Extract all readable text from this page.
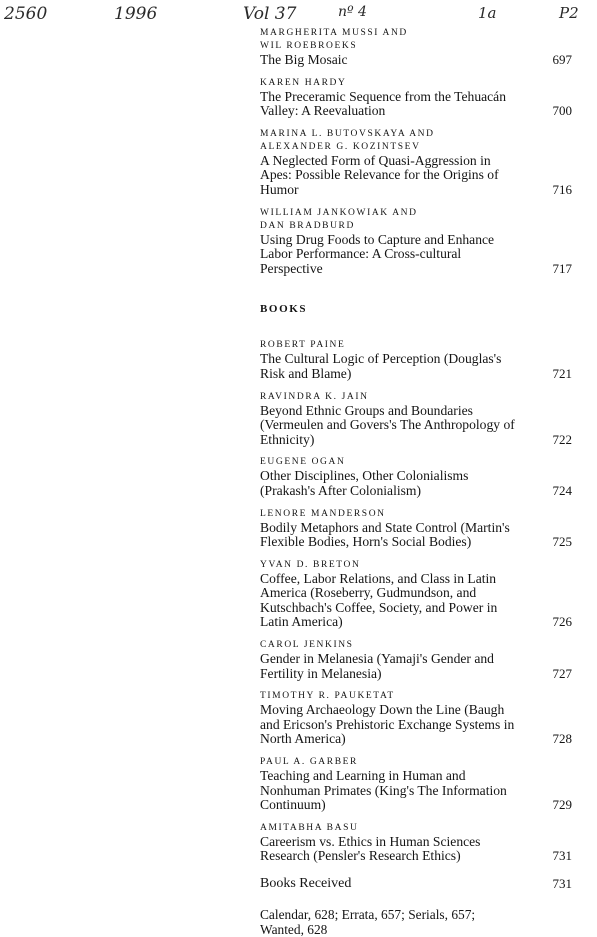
2560	1996	Vol 37	nº 4	1a	P2
MARGHERITA MUSSI AND
WIL ROEBROEKS
The Big Mosaic	697
KAREN HARDY
The Preceramic Sequence from the Tehuacán
Valley: A Reevaluation	700
MARINA L. BUTOVSKAYA AND
ALEXANDER G. KOZINTSEV
A Neglected Form of Quasi-Aggression in
Apes: Possible Relevance for the Origins of
Humor	716
WILLIAM JANKOWIAK AND
DAN BRADBURD
Using Drug Foods to Capture and Enhance
Labor Performance: A Cross-cultural
Perspective	717
BOOKS
ROBERT PAINE
The Cultural Logic of Perception (Douglas's
Risk and Blame)	721
RAVINDRA K. JAIN
Beyond Ethnic Groups and Boundaries
(Vermeulen and Govers's The Anthropology of
Ethnicity)	722
EUGENE OGAN
Other Disciplines, Other Colonialisms
(Prakash's After Colonialism)	724
LENORE MANDERSON
Bodily Metaphors and State Control (Martin's
Flexible Bodies, Horn's Social Bodies)	725
YVAN D. BRETON
Coffee, Labor Relations, and Class in Latin
America (Roseberry, Gudmundson, and
Kutschbach's Coffee, Society, and Power in
Latin America)	726
CAROL JENKINS
Gender in Melanesia (Yamaji's Gender and
Fertility in Melanesia)	727
TIMOTHY R. PAUKETAT
Moving Archaeology Down the Line (Baugh
and Ericson's Prehistoric Exchange Systems in
North America)	728
PAUL A. GARBER
Teaching and Learning in Human and
Nonhuman Primates (King's The Information
Continuum)	729
AMITABHA BASU
Careerism vs. Ethics in Human Sciences
Research (Pensler's Research Ethics)	731
Books Received	731
Calendar, 628; Errata, 657; Serials, 657;
Wanted, 628
